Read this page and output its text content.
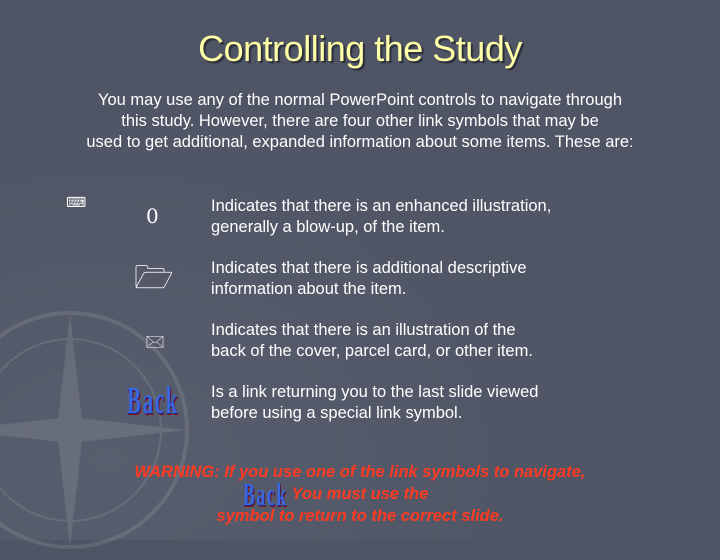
Controlling the Study
You may use any of the normal PowerPoint controls to navigate through
this study. However, there are four other link symbols that may be
used to get additional, expanded information about some items. These are:
⌨
0	Indicates that there is an enhanced illustration,
generally a blow-up, of the item.
🗁 Indicates that there is additional descriptive
information about the item.
🖂
Indicates that there is an illustration of the
back of the cover, parcel card, or other item.
Back Is a link returning you to the last slide viewed
before using a special link symbol.
WARNING: If you use one of the link symbols to navigate,
You must use the
symbol to return to the correct slide.
Back
